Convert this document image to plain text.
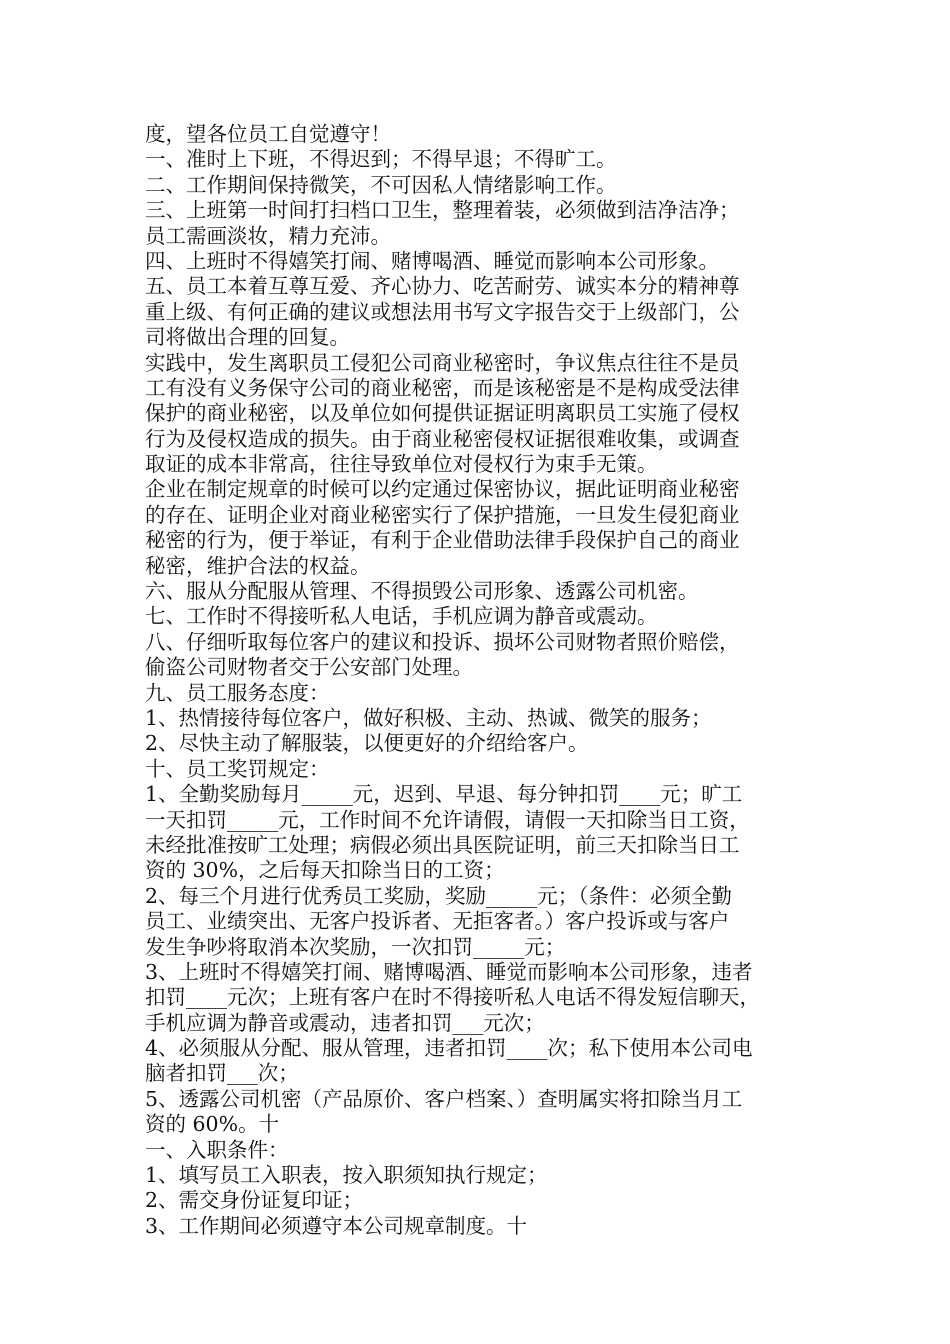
度，望各位员工自觉遵守！
一、准时上下班，不得迟到；不得早退；不得旷工。
二、工作期间保持微笑，不可因私人情绪影响工作。
三、上班第一时间打扫档口卫生，整理着装，必须做到洁净洁净；
员工需画淡妆，精力充沛。
四、上班时不得嬉笑打闹、赌博喝酒、睡觉而影响本公司形象。
五、员工本着互尊互爱、齐心协力、吃苦耐劳、诚实本分的精神尊
重上级、有何正确的建议或想法用书写文字报告交于上级部门，公
司将做出合理的回复。
实践中，发生离职员工侵犯公司商业秘密时，争议焦点往往不是员
工有没有义务保守公司的商业秘密，而是该秘密是不是构成受法律
保护的商业秘密，以及单位如何提供证据证明离职员工实施了侵权
行为及侵权造成的损失。由于商业秘密侵权证据很难收集，或调查
取证的成本非常高，往往导致单位对侵权行为束手无策。
企业在制定规章的时候可以约定通过保密协议，据此证明商业秘密
的存在、证明企业对商业秘密实行了保护措施，一旦发生侵犯商业
秘密的行为，便于举证，有利于企业借助法律手段保护自己的商业
秘密，维护合法的权益。
六、服从分配服从管理、不得损毁公司形象、透露公司机密。
七、工作时不得接听私人电话，手机应调为静音或震动。
八、仔细听取每位客户的建议和投诉、损坏公司财物者照价赔偿，
偷盗公司财物者交于公安部门处理。
九、员工服务态度：
1、热情接待每位客户，做好积极、主动、热诚、微笑的服务；
2、尽快主动了解服装，以便更好的介绍给客户。
十、员工奖罚规定：
1、全勤奖励每月_____元，迟到、早退、每分钟扣罚____元；旷工
一天扣罚_____元，工作时间不允许请假，请假一天扣除当日工资，
未经批准按旷工处理；病假必须出具医院证明，前三天扣除当日工
资的 30%，之后每天扣除当日的工资；
2、每三个月进行优秀员工奖励，奖励_____元；（条件：必须全勤
员工、业绩突出、无客户投诉者、无拒客者。）客户投诉或与客户
发生争吵将取消本次奖励，一次扣罚_____元；
3、上班时不得嬉笑打闹、赌博喝酒、睡觉而影响本公司形象，违者
扣罚____元次；上班有客户在时不得接听私人电话不得发短信聊天，
手机应调为静音或震动，违者扣罚___元次；
4、必须服从分配、服从管理，违者扣罚____次；私下使用本公司电
脑者扣罚___次；
5、透露公司机密（产品原价、客户档案、）查明属实将扣除当月工
资的 60%。十
一、入职条件：
1、填写员工入职表，按入职须知执行规定；
2、需交身份证复印证；
3、工作期间必须遵守本公司规章制度。十
